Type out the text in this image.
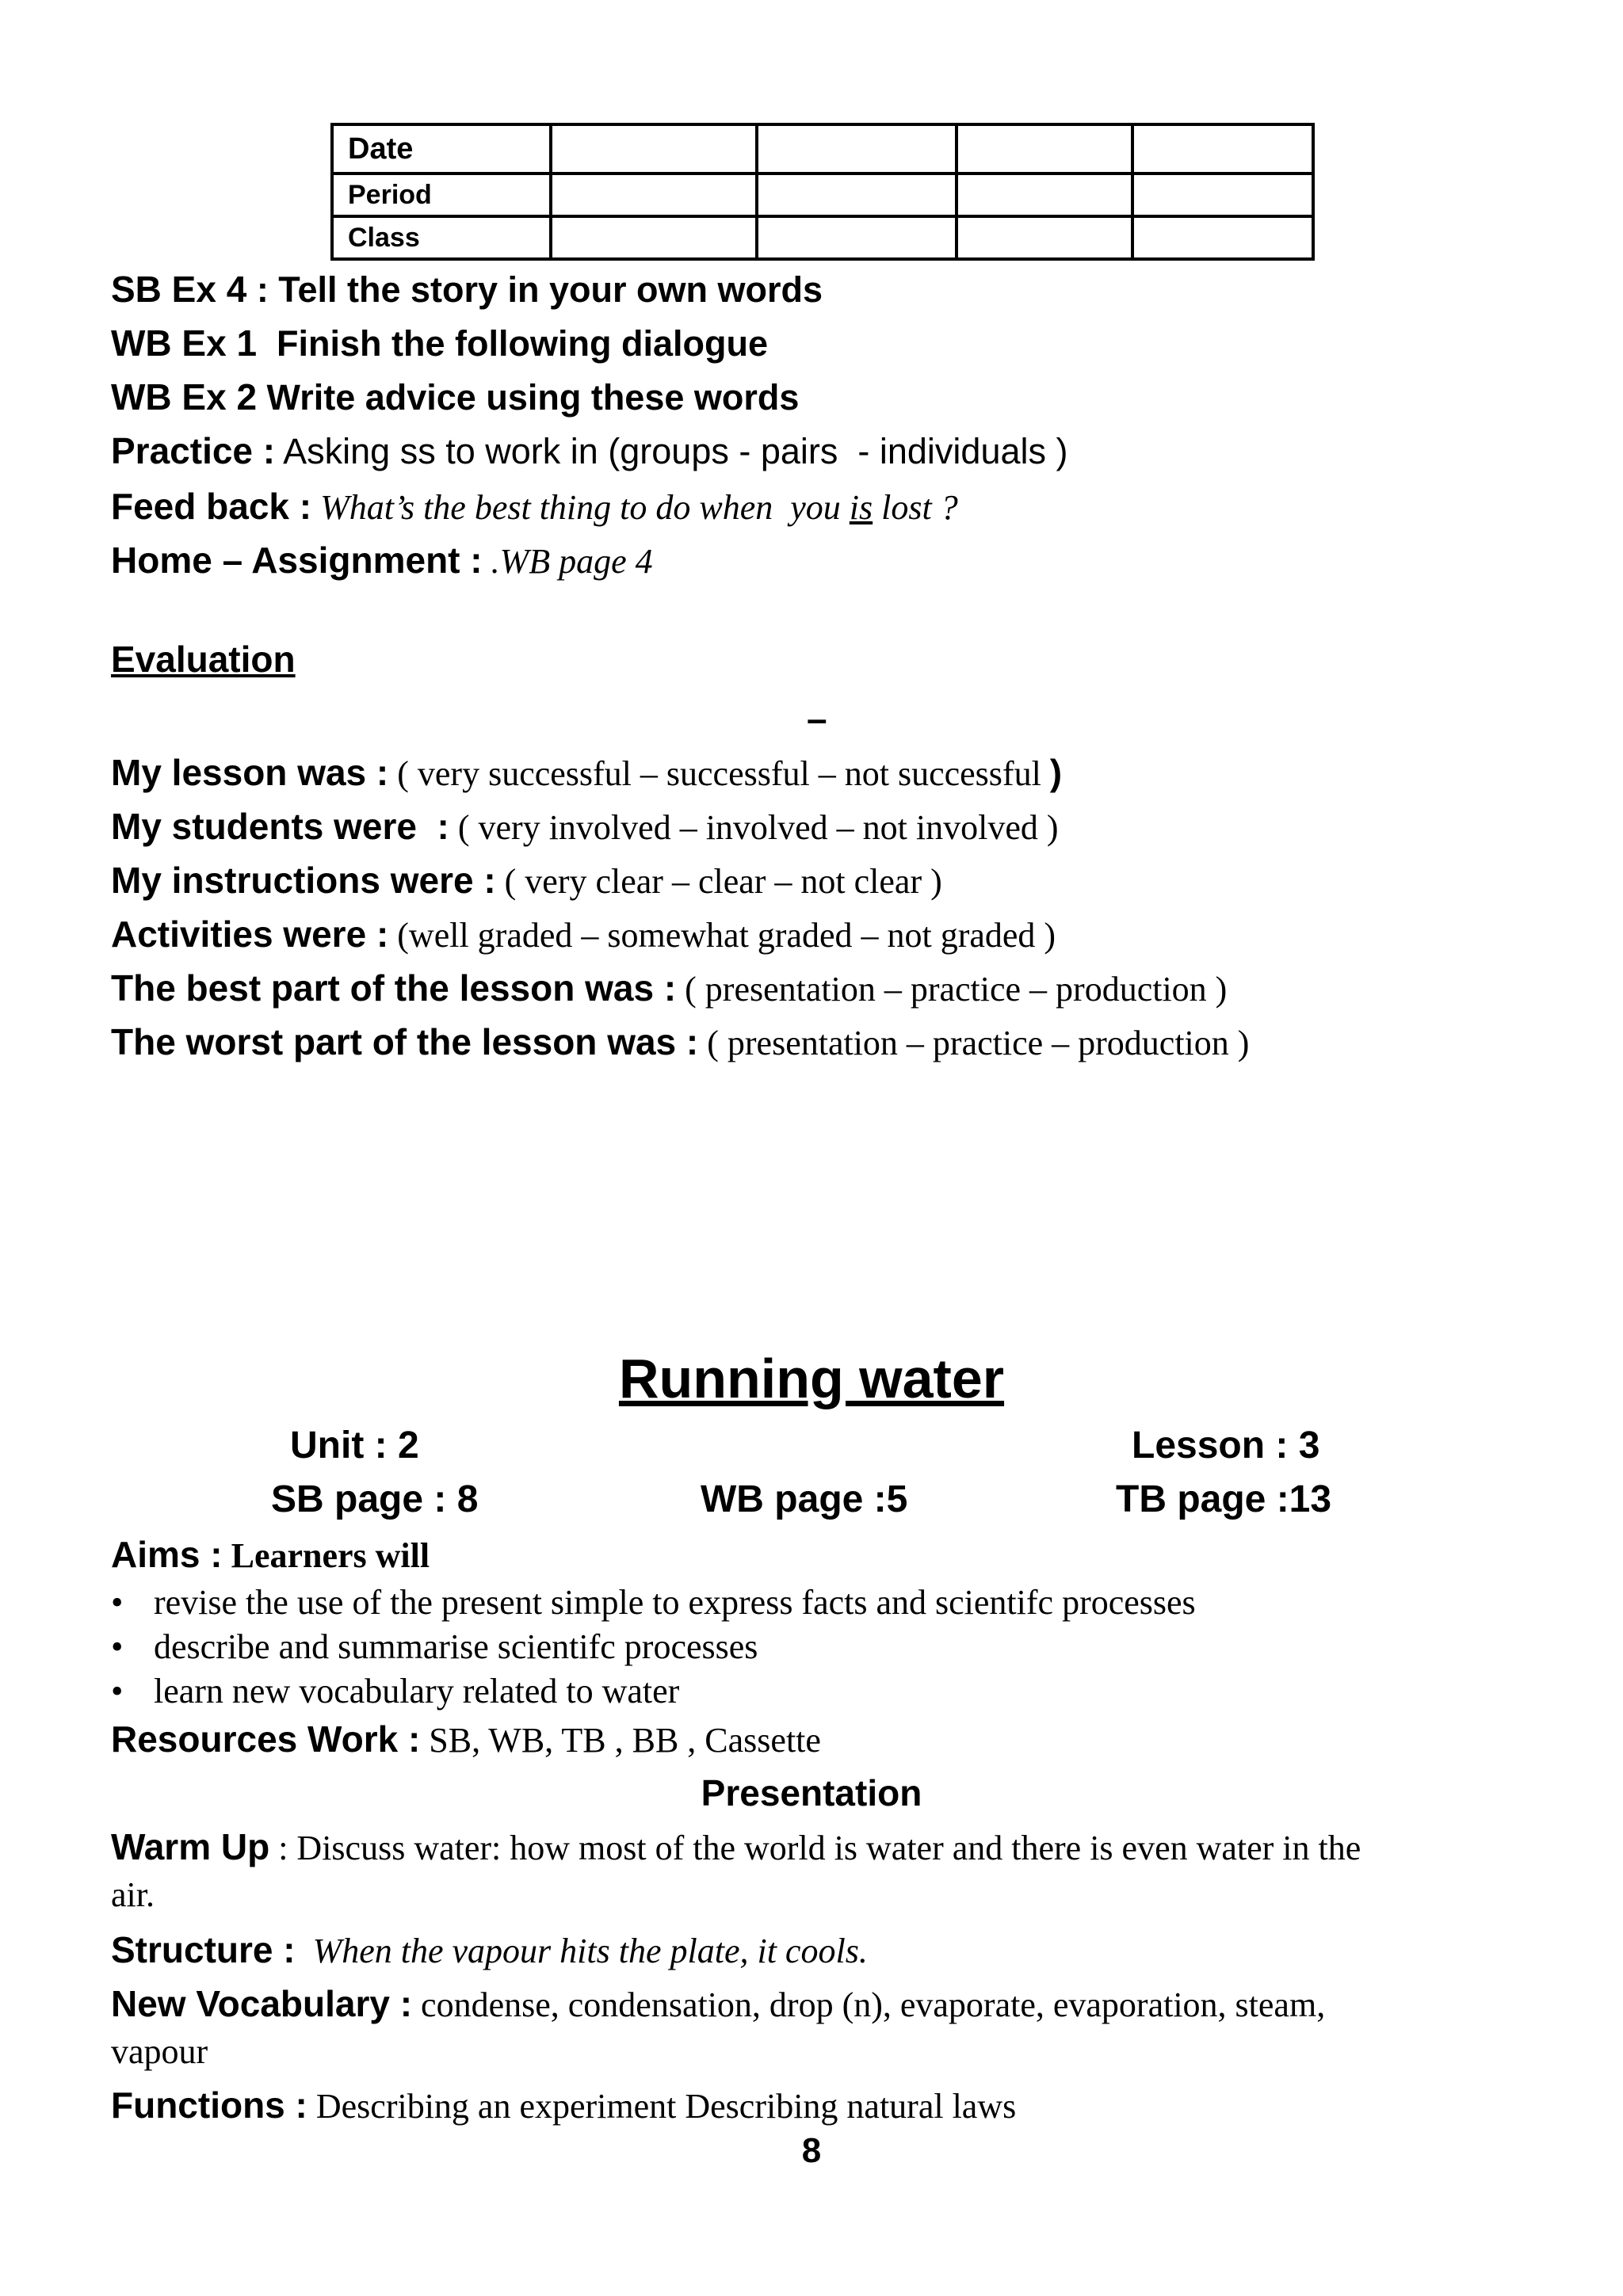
Date				
Period				
Class				
SB Ex 4 : Tell the story in your own words
WB Ex 1  Finish the following dialogue
WB Ex 2 Write advice using these words
Practice : Asking ss to work in (groups - pairs  - individuals )
Feed back : What’s the best thing to do when  you is lost ?
Home – Assignment : .WB page 4
Evaluation
–
My lesson was : ( very successful – successful – not successful )
My students were  : ( very involved – involved – not involved )
My instructions were : ( very clear – clear – not clear )
Activities were : (well graded – somewhat graded – not graded )
The best part of the lesson was : ( presentation – practice – production )
The worst part of the lesson was : ( presentation – practice – production )
Running water
Unit : 2	Lesson : 3
SB page : 8	WB page :5	TB page :13
Aims : Learners will
• revise the use of the present simple to express facts and scientifc processes
• describe and summarise scientifc processes
• learn new vocabulary related to water
Resources Work : SB, WB, TB , BB , Cassette
Presentation
Warm Up : Discuss water: how most of the world is water and there is even water in the
air.
Structure :  When the vapour hits the plate, it cools.
New Vocabulary : condense, condensation, drop (n), evaporate, evaporation, steam,
vapour
Functions : Describing an experiment Describing natural laws
8
